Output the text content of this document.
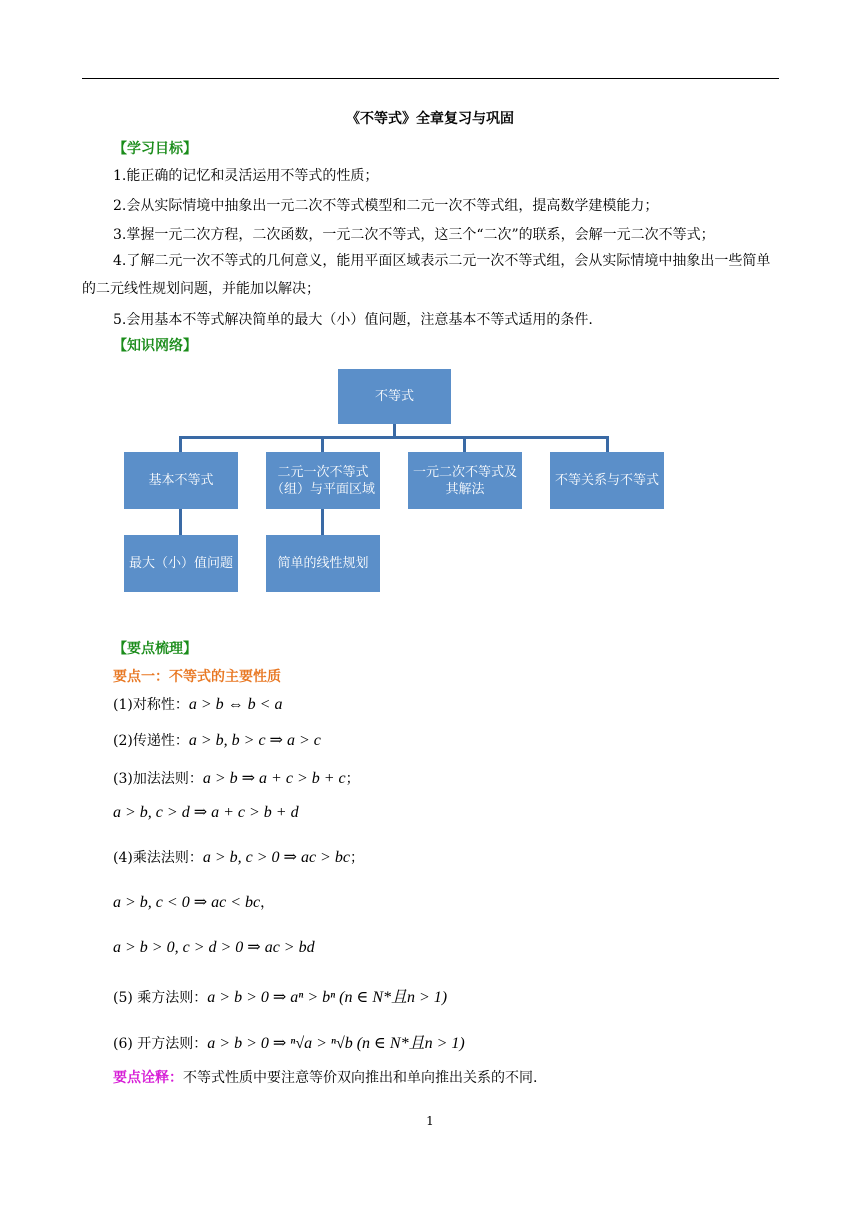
《不等式》全章复习与巩固
【学习目标】
1.能正确的记忆和灵活运用不等式的性质；
2.会从实际情境中抽象出一元二次不等式模型和二元一次不等式组，提高数学建模能力；
3.掌握一元二次方程，二次函数，一元二次不等式，这三个“二次”的联系，会解一元二次不等式；
4.了解二元一次不等式的几何意义，能用平面区域表示二元一次不等式组，会从实际情境中抽象出一些简单的二元线性规划问题，并能加以解决；
5.会用基本不等式解决简单的最大（小）值问题，注意基本不等式适用的条件.
【知识网络】
不等式
基本不等式
二元一次不等式（组）与平面区域
一元二次不等式及其解法
不等关系与不等式
最大（小）值问题	简单的线性规划
【要点梳理】
要点一：不等式的主要性质
(1)对称性：a > b ⇔ b < a
(2)传递性：a > b, b > c ⇒ a > c
(3)加法法则：a > b ⇒ a + c > b + c；
a > b, c > d ⇒ a + c > b + d
(4)乘法法则：a > b, c > 0 ⇒ ac > bc；
a > b, c < 0 ⇒ ac < bc，
a > b > 0, c > d > 0 ⇒ ac > bd
(5) 乘方法则：a > b > 0 ⇒ aⁿ > bⁿ (n ∈ N*且n > 1)
(6) 开方法则：a > b > 0 ⇒ ⁿ√a > ⁿ√b (n ∈ N*且n > 1)
要点诠释：不等式性质中要注意等价双向推出和单向推出关系的不同.
1
